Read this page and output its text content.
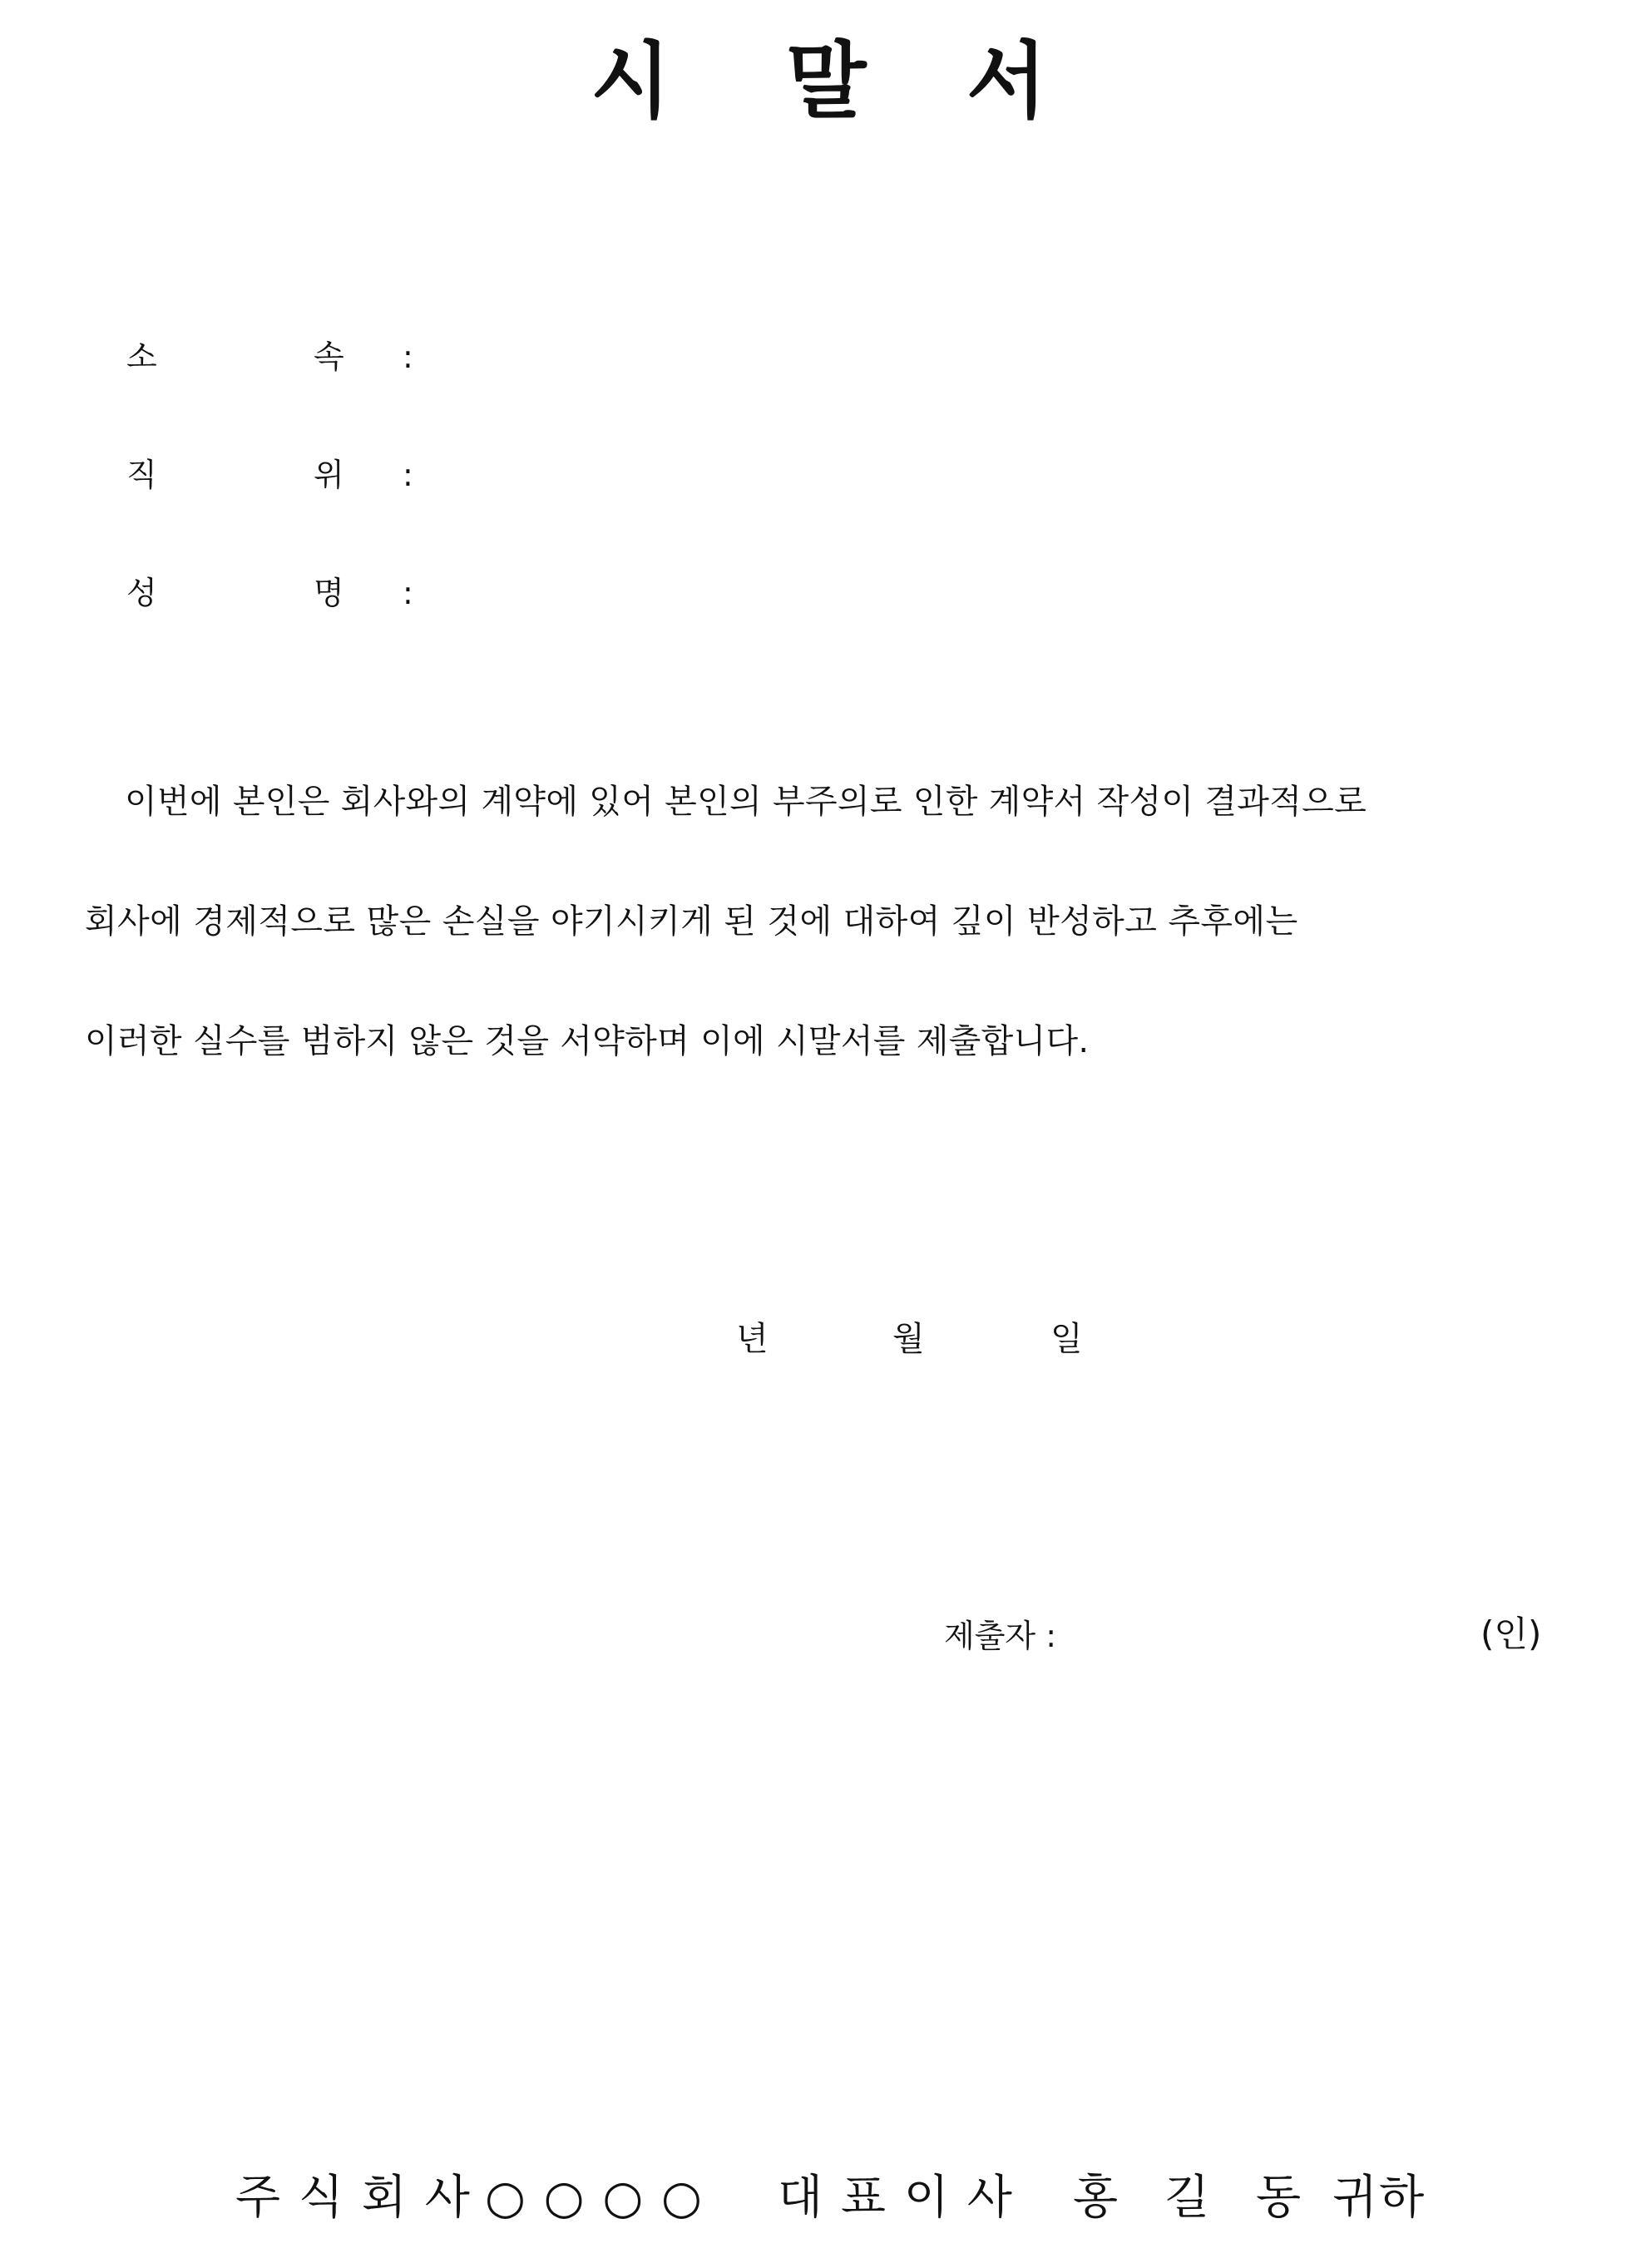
시 말 서
소	속 :
직	위 :
성	명 :
이번에 본인은 회사와의 계약에 있어 본인의 부주의로 인한 계약서 작성이 결과적으로
회사에 경제적으로 많은 손실을 야기시키게 된 것에 대하여 깊이 반성하고 추후에는
이러한 실수를 범하지 않은 것을 서약하며 이에 시말서를 제출합니다.
년	월	일
제출자 :	(인)
주 식 회 사 ○ ○ ○ ○ 대 표 이 사 홍 길 동 귀하
